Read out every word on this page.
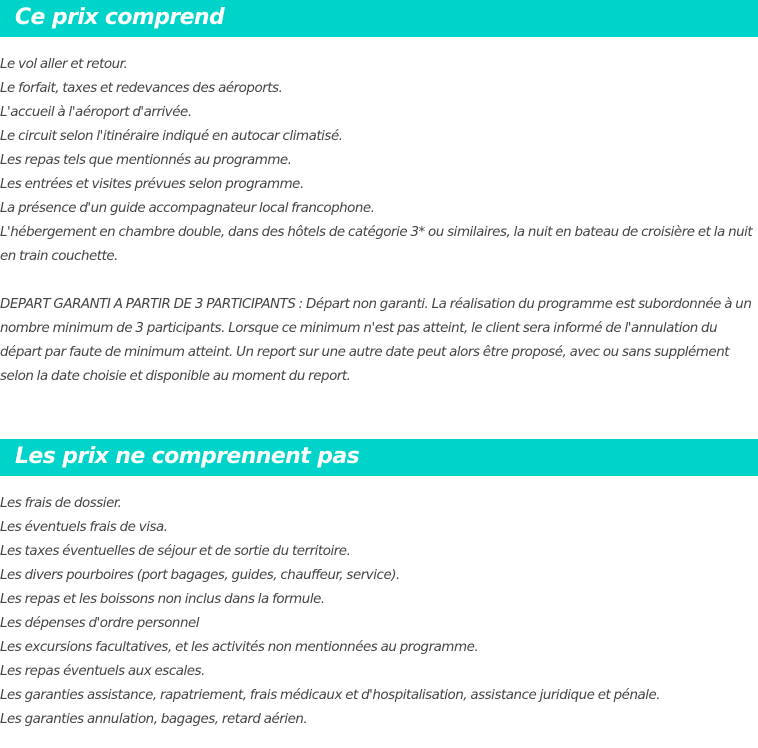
Ce prix comprend
Le vol aller et retour.
Le forfait, taxes et redevances des aéroports.
L'accueil à l'aéroport d'arrivée.
Le circuit selon l'itinéraire indiqué en autocar climatisé.
Les repas tels que mentionnés au programme.
Les entrées et visites prévues selon programme.
La présence d'un guide accompagnateur local francophone.
L'hébergement en chambre double, dans des hôtels de catégorie 3* ou similaires, la nuit en bateau de croisière et la nuit en train couchette.

DEPART GARANTI A PARTIR DE 3 PARTICIPANTS : Départ non garanti. La réalisation du programme est subordonnée à un nombre minimum de 3 participants. Lorsque ce minimum n'est pas atteint, le client sera informé de l'annulation du départ par faute de minimum atteint. Un report sur une autre date peut alors être proposé, avec ou sans supplément selon la date choisie et disponible au moment du report.

Les prix ne comprennent pas
Les frais de dossier.
Les éventuels frais de visa.
Les taxes éventuelles de séjour et de sortie du territoire.
Les divers pourboires (port bagages, guides, chauffeur, service).
Les repas et les boissons non inclus dans la formule.
Les dépenses d'ordre personnel
Les excursions facultatives, et les activités non mentionnées au programme.
Les repas éventuels aux escales.
Les garanties assistance, rapatriement, frais médicaux et d'hospitalisation, assistance juridique et pénale.
Les garanties annulation, bagages, retard aérien.
